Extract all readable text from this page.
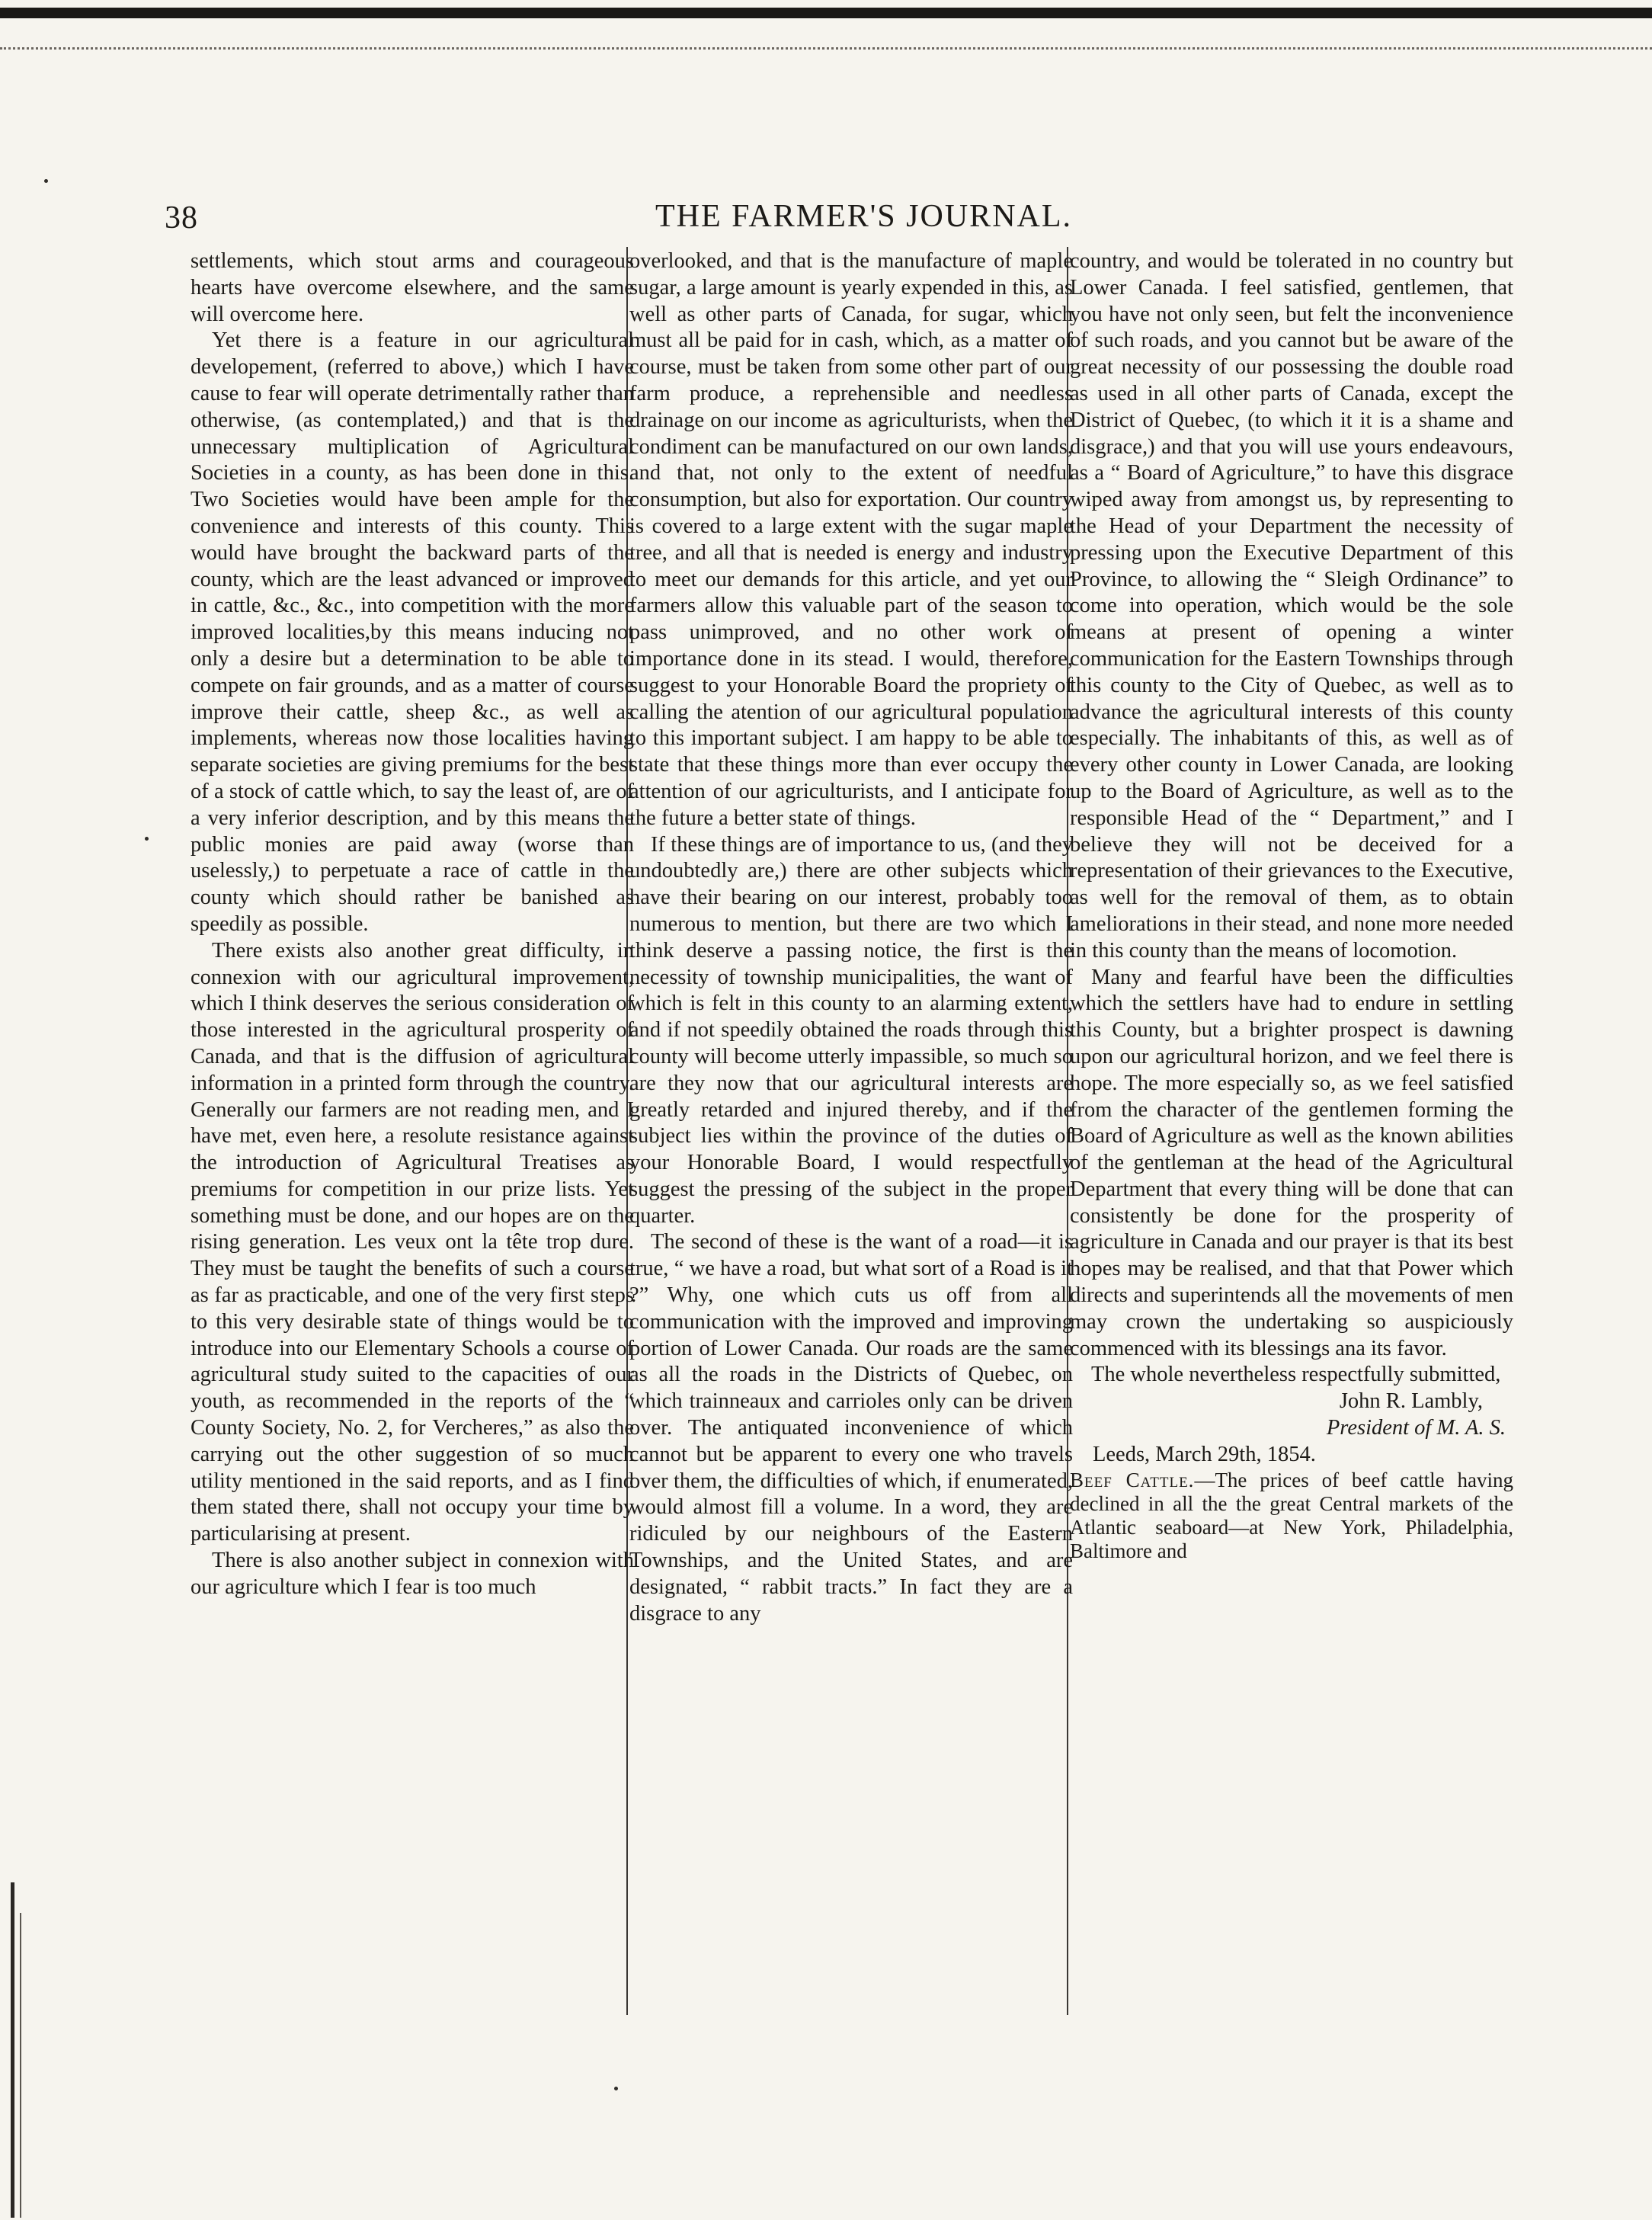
38	THE FARMER'S JOURNAL.

settlements, which stout arms and courageous hearts have overcome elsewhere, and the same will overcome here.

Yet there is a feature in our agricultural developement, (referred to above,) which I have cause to fear will operate detrimentally rather than otherwise, (as contemplated,) and that is the unnecessary multiplication of Agricultural Societies in a county, as has been done in this. Two Societies would have been ample for the convenience and interests of this county. This would have brought the backward parts of the county, which are the least advanced or improved in cattle, &c., &c., into competition with the more improved localities,by this means inducing not only a desire but a determination to be able to compete on fair grounds, and as a matter of course improve their cattle, sheep &c., as well as implements, whereas now those localities having separate societies are giving premiums for the best of a stock of cattle which, to say the least of, are of a very inferior description, and by this means the public monies are paid away (worse than uselessly,) to perpetuate a race of cattle in the county which should rather be banished as speedily as possible.

There exists also another great difficulty, in connexion with our agricultural improvement, which I think deserves the serious consideration of those interested in the agricultural prosperity of Canada, and that is the diffusion of agricultural information in a printed form through the country. Generally our farmers are not reading men, and I have met, even here, a resolute resistance against the introduction of Agricultural Treatises as premiums for competition in our prize lists. Yet something must be done, and our hopes are on the rising generation. Les veux ont la tête trop dure. They must be taught the benefits of such a course as far as practicable, and one of the very first steps to this very desirable state of things would be to introduce into our Elementary Schools a course of agricultural study suited to the capacities of our youth, as recommended in the reports of the “ County Society, No. 2, for Vercheres,” as also the carrying out the other suggestion of so much utility mentioned in the said reports, and as I find them stated there, shall not occupy your time by particularising at present.

There is also another subject in connexion with our agriculture which I fear is too much

overlooked, and that is the manufacture of maple sugar, a large amount is yearly expended in this, as well as other parts of Canada, for sugar, which must all be paid for in cash, which, as a matter of course, must be taken from some other part of our farm produce, a reprehensible and needless drainage on our income as agriculturists, when the condiment can be manufactured on our own lands, and that, not only to the extent of needful consumption, but also for exportation. Our country is covered to a large extent with the sugar maple tree, and all that is needed is energy and industry to meet our demands for this article, and yet our farmers allow this valuable part of the season to pass unimproved, and no other work of importance done in its stead. I would, therefore, suggest to your Honorable Board the propriety of calling the atention of our agricultural population to this important subject. I am happy to be able to state that these things more than ever occupy the attention of our agriculturists, and I anticipate for the future a better state of things.

If these things are of importance to us, (and they undoubtedly are,) there are other subjects which have their bearing on our interest, probably too numerous to mention, but there are two which I think deserve a passing notice, the first is the necessity of township municipalities, the want of which is felt in this county to an alarming extent, and if not speedily obtained the roads through this county will become utterly impassible, so much so are they now that our agricultural interests are greatly retarded and injured thereby, and if the subject lies within the province of the duties of your Honorable Board, I would respectfully suggest the pressing of the subject in the proper quarter.

The second of these is the want of a road—it is true, “ we have a road, but what sort of a Road is it ?” Why, one which cuts us off from all communication with the improved and improving portion of Lower Canada. Our roads are the same as all the roads in the Districts of Quebec, on which trainneaux and carrioles only can be driven over. The antiquated inconvenience of which cannot but be apparent to every one who travels over them, the difficulties of which, if enumerated, would almost fill a volume. In a word, they are ridiculed by our neighbours of the Eastern Townships, and the United States, and are designated, “ rabbit tracts.” In fact they are a disgrace to any

country, and would be tolerated in no country but Lower Canada. I feel satisfied, gentlemen, that you have not only seen, but felt the inconvenience of such roads, and you cannot but be aware of the great necessity of our possessing the double road as used in all other parts of Canada, except the District of Quebec, (to which it it is a shame and disgrace,) and that you will use yours endeavours, as a “ Board of Agriculture,” to have this disgrace wiped away from amongst us, by representing to the Head of your Department the necessity of pressing upon the Executive Department of this Province, to allowing the “ Sleigh Ordinance” to come into operation, which would be the sole means at present of opening a winter communication for the Eastern Townships through this county to the City of Quebec, as well as to advance the agricultural interests of this county especially. The inhabitants of this, as well as of every other county in Lower Canada, are looking up to the Board of Agriculture, as well as to the responsible Head of the “ Department,” and I believe they will not be deceived for a representation of their grievances to the Executive, as well for the removal of them, as to obtain ameliorations in their stead, and none more needed in this county than the means of locomotion.

Many and fearful have been the difficulties which the settlers have had to endure in settling this County, but a brighter prospect is dawning upon our agricultural horizon, and we feel there is hope. The more especially so, as we feel satisfied from the character of the gentlemen forming the Board of Agriculture as well as the known abilities of the gentleman at the head of the Agricultural Department that every thing will be done that can consistently be done for the prosperity of agriculture in Canada and our prayer is that its best hopes may be realised, and that that Power which directs and superintends all the movements of men may crown the undertaking so auspiciously commenced with its blessings ana its favor.

The whole nevertheless respectfully submitted,

John R. Lambly,

President of M. A. S.

Leeds, March 29th, 1854.

Beef Cattle.—The prices of beef cattle having declined in all the the great Central markets of the Atlantic seaboard—at New York, Philadelphia, Baltimore and
